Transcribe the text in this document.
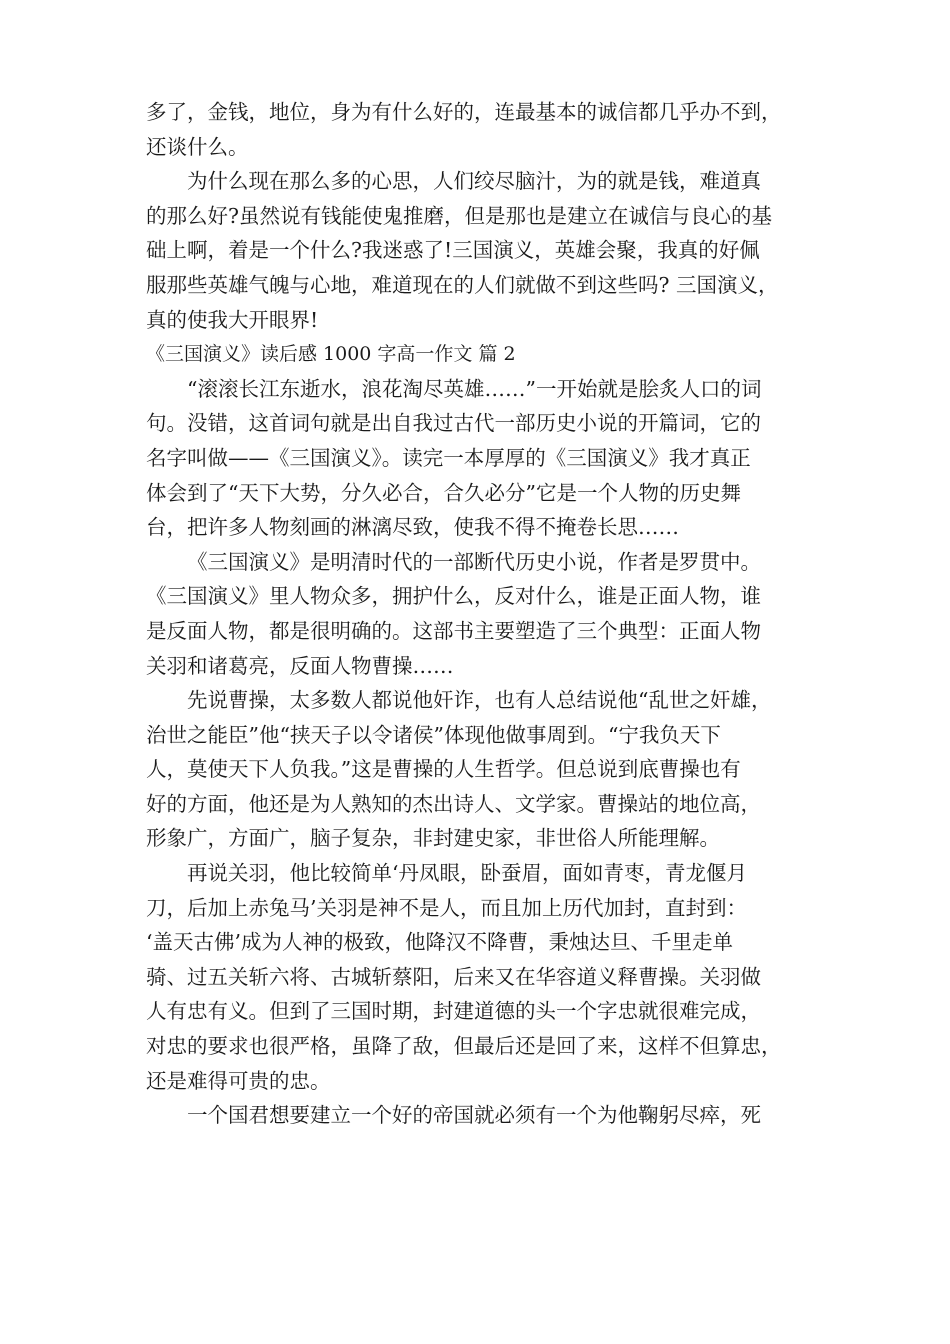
多了，金钱，地位，身为有什么好的，连最基本的诚信都几乎办不到，
还谈什么。
为什么现在那么多的心思，人们绞尽脑汁，为的就是钱，难道真
的那么好?虽然说有钱能使鬼推磨，但是那也是建立在诚信与良心的基
础上啊，着是一个什么?我迷惑了!三国演义，英雄会聚，我真的好佩
服那些英雄气魄与心地，难道现在的人们就做不到这些吗? 三国演义，
真的使我大开眼界!
《三国演义》读后感 1000 字高一作文 篇 2
“滚滚长江东逝水，浪花淘尽英雄……”一开始就是脍炙人口的词
句。没错，这首词句就是出自我过古代一部历史小说的开篇词，它的
名字叫做——《三国演义》。读完一本厚厚的《三国演义》我才真正
体会到了“天下大势，分久必合，合久必分”它是一个人物的历史舞
台，把许多人物刻画的淋漓尽致，使我不得不掩卷长思……
《三国演义》是明清时代的一部断代历史小说，作者是罗贯中。
《三国演义》里人物众多，拥护什么，反对什么，谁是正面人物，谁
是反面人物，都是很明确的。这部书主要塑造了三个典型：正面人物
关羽和诸葛亮，反面人物曹操……
先说曹操，太多数人都说他奸诈，也有人总结说他“乱世之奸雄，
治世之能臣”他“挟天子以令诸侯”体现他做事周到。“宁我负天下
人，莫使天下人负我。”这是曹操的人生哲学。但总说到底曹操也有
好的方面，他还是为人熟知的杰出诗人、文学家。曹操站的地位高，
形象广，方面广，脑子复杂，非封建史家，非世俗人所能理解。
再说关羽，他比较简单‘丹凤眼，卧蚕眉，面如青枣，青龙偃月
刀，后加上赤兔马’关羽是神不是人，而且加上历代加封，直封到：
‘盖天古佛’成为人神的极致，他降汉不降曹，秉烛达旦、千里走单
骑、过五关斩六将、古城斩蔡阳，后来又在华容道义释曹操。关羽做
人有忠有义。但到了三国时期，封建道德的头一个字忠就很难完成，
对忠的要求也很严格，虽降了敌，但最后还是回了来，这样不但算忠，
还是难得可贵的忠。
一个国君想要建立一个好的帝国就必须有一个为他鞠躬尽瘁，死
